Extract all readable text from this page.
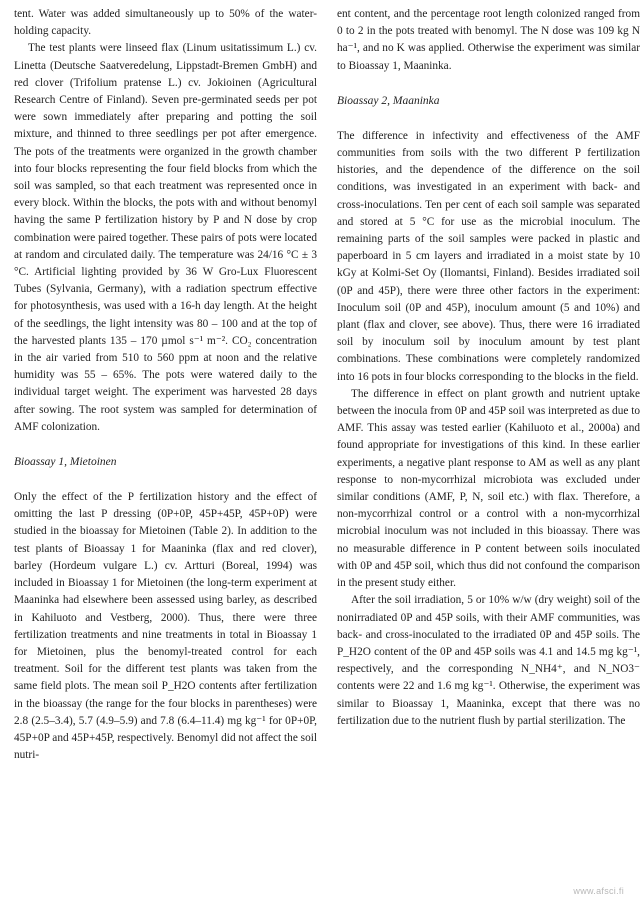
tent. Water was added simultaneously up to 50% of the water-holding capacity.

The test plants were linseed flax (Linum usitatissimum L.) cv. Linetta (Deutsche Saatveredelung, Lippstadt-Bremen GmbH) and red clover (Trifolium pratense L.) cv. Jokioinen (Agricultural Research Centre of Finland). Seven pre-germinated seeds per pot were sown immediately after preparing and potting the soil mixture, and thinned to three seedlings per pot after emergence. The pots of the treatments were organized in the growth chamber into four blocks representing the four field blocks from which the soil was sampled, so that each treatment was represented once in every block. Within the blocks, the pots with and without benomyl having the same P fertilization history by P and N dose by crop combination were paired together. These pairs of pots were located at random and circulated daily. The temperature was 24/16 °C ± 3 °C. Artificial lighting provided by 36 W Gro-Lux Fluorescent Tubes (Sylvania, Germany), with a radiation spectrum effective for photosynthesis, was used with a 16-h day length. At the height of the seedlings, the light intensity was 80 – 100 and at the top of the harvested plants 135 – 170 µmol s⁻¹ m⁻². CO₂ concentration in the air varied from 510 to 560 ppm at noon and the relative humidity was 55 – 65%. The pots were watered daily to the individual target weight. The experiment was harvested 28 days after sowing. The root system was sampled for determination of AMF colonization.

Bioassay 1, Mietoinen

Only the effect of the P fertilization history and the effect of omitting the last P dressing (0P+0P, 45P+45P, 45P+0P) were studied in the bioassay for Mietoinen (Table 2). In addition to the test plants of Bioassay 1 for Maaninka (flax and red clover), barley (Hordeum vulgare L.) cv. Artturi (Boreal, 1994) was included in Bioassay 1 for Mietoinen (the long-term experiment at Maaninka had elsewhere been assessed using barley, as described in Kahiluoto and Vestberg, 2000). Thus, there were three fertilization treatments and nine treatments in total in Bioassay 1 for Mietoinen, plus the benomyl-treated control for each treatment. Soil for the different test plants was taken from the same field plots. The mean soil P_H2O contents after fertilization in the bioassay (the range for the four blocks in parentheses) were 2.8 (2.5–3.4), 5.7 (4.9–5.9) and 7.8 (6.4–11.4) mg kg⁻¹ for 0P+0P, 45P+0P and 45P+45P, respectively. Benomyl did not affect the soil nutri-

ent content, and the percentage root length colonized ranged from 0 to 2 in the pots treated with benomyl. The N dose was 109 kg N ha⁻¹, and no K was applied. Otherwise the experiment was similar to Bioassay 1, Maaninka.

Bioassay 2, Maaninka

The difference in infectivity and effectiveness of the AMF communities from soils with the two different P fertilization histories, and the dependence of the difference on the soil conditions, was investigated in an experiment with back- and cross-inoculations. Ten per cent of each soil sample was separated and stored at 5 °C for use as the microbial inoculum. The remaining parts of the soil samples were packed in plastic and paperboard in 5 cm layers and irradiated in a moist state by 10 kGy at Kolmi-Set Oy (Ilomantsi, Finland). Besides irradiated soil (0P and 45P), there were three other factors in the experiment: Inoculum soil (0P and 45P), inoculum amount (5 and 10%) and plant (flax and clover, see above). Thus, there were 16 irradiated soil by inoculum soil by inoculum amount by test plant combinations. These combinations were completely randomized into 16 pots in four blocks corresponding to the blocks in the field.

The difference in effect on plant growth and nutrient uptake between the inocula from 0P and 45P soil was interpreted as due to AMF. This assay was tested earlier (Kahiluoto et al., 2000a) and found appropriate for investigations of this kind. In these earlier experiments, a negative plant response to AM as well as any plant response to non-mycorrhizal microbiota was excluded under similar conditions (AMF, P, N, soil etc.) with flax. Therefore, a non-mycorrhizal control or a control with a non-mycorrhizal microbial inoculum was not included in this bioassay. There was no measurable difference in P content between soils inoculated with 0P and 45P soil, which thus did not confound the comparison in the present study either.

After the soil irradiation, 5 or 10% w/w (dry weight) soil of the nonirradiated 0P and 45P soils, with their AMF communities, was back- and cross-inoculated to the irradiated 0P and 45P soils. The P_H2O content of the 0P and 45P soils was 4.1 and 14.5 mg kg⁻¹, respectively, and the corresponding N_NH4⁺, and N_NO3⁻ contents were 22 and 1.6 mg kg⁻¹. Otherwise, the experiment was similar to Bioassay 1, Maaninka, except that there was no fertilization due to the nutrient flush by partial sterilization. The

www.afsci.fi
